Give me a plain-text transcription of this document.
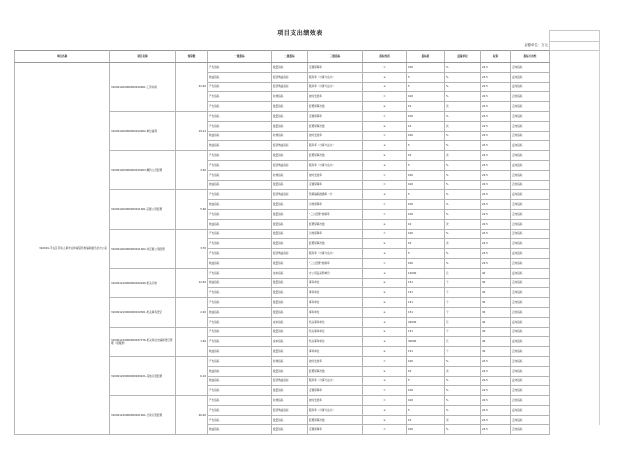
项目支出绩效表
金额单位：万元
单位名称	项目名称	预算数	一级指标	二级指标	三级指标	指标性质	指标值	度量单位	权重	指标方向性
310001-平关区劳动人事争议仲裁院机构编制委员会办公室	310001200000000010001-工资补助	22.40	产出指标	数量指标	定额保障率	=	100	%	22.5	正向指标
			效益指标	经济效益指标	服务率（计算方法为）	≤	5	%	22.5	反向指标
			产出指标	经济效益指标	服务率（计算方法为）	≤	5	%	22.5	反向指标
			产出指标	时效指标	按时发放率	=	100	%	22.5	正向指标
			产出指标	数量指标	经费保障次数	≥	10	次	22.5	正向指标
	310001200000000010002-单位福利	19.12	产出指标	数量指标	定额保障率	=	100	%	22.5	正向指标
			产出指标	数量指标	经费保障次数	≥	10	次	22.5	正向指标
			效益指标	时效指标	按时发放率	=	100	%	22.5	正向指标
			效益指标	经济效益指标	服务率（计算方法为）	≤	5	%	22.5	反向指标
	310001200000000010003-履约人员经费	3.40	产出指标	数量指标	经费保障次数	≥	10	次	22.5	正向指标
			产出指标	经济效益指标	服务率（计算方法为）	≤	5	%	22.5	反向指标
			产出指标	时效指标	按时发放率	=	100	%	22.5	正向指标
			效益指标	数量指标	定额保障率	=	100	%	22.5	正向指标
	310001200000000011001-定额公用经费	5.60	产出指标	经济效益指标	预算编制准确率（计	≤	5	%	22.5	反向指标
			效益指标	数量指标	运转保障率	=	100	%	22.5	正向指标
			产出指标	数量指标	"三公经费"控制率	=	100	%	22.5	正向指标
			效益指标	数量指标	经费保障次数	≥	10	次	22.5	正向指标
	310001200000000011002-非定额公用经费	3.70	产出指标	数量指标	运转保障率	=	100	%	22.5	正向指标
			产出指标	数量指标	经费保障次数	≥	10	次	22.5	正向指标
			产出指标	经济效益指标	服务率（计算方法为）	≤	5	%	22.5	反向指标
			效益指标	数量指标	"三公经费"控制率	=	100	%	22.5	正向指标
	310001210000000020299-机关运转	12.40	产出指标	成本指标	办公用品采购单价	≤	12000	元	40	反向指标
			效益指标	数量指标	事务单位	≥	131	个	30	正向指标
			产出指标	数量指标	事务单位	≥	131	个	30	正向指标
	310001210000000010301-机关事务登记	2.20	产出指标	数量指标	事务单位	≥	131	个	30	正向指标
			效益指标	数量指标	事务单位	≥	131	个	30	正向指标
			产出指标	成本指标	机关事务单位	≤	22090	元	40	反向指标
	310001210000000037276-机关和社会编制登记管理（项服费）	1.46	产出指标	数量指标	机关事务单位	≥	131	个	30	正向指标
			产出指标	成本指标	机关事务单位	≤	30000	元	40	反向指标
			效益指标	数量指标	事务单位	≥	131	个	30	正向指标
	310001220000000020221-其他运营经费	6.10	产出指标	时效指标	按时发放率	=	100	%	22.5	正向指标
			效益指标	数量指标	经费保障次数	≥	10	次	22.5	正向指标
			效益指标	经济效益指标	服务率（计算方法为）	≤	5	%	22.5	反向指标
			产出指标	数量指标	定额保障率	=	100	%	22.5	正向指标
	310001220000000021001-日常运营经费	26.40	产出指标	时效指标	按时发放率	=	100	%	22.5	正向指标
			产出指标	经济效益指标	服务率（计算方法为）	≤	5	%	22.5	反向指标
			产出指标	数量指标	经费保障次数	≥	10	次	22.5	正向指标
			效益指标	数量指标	定额保障率	=	100	%	22.5	正向指标
